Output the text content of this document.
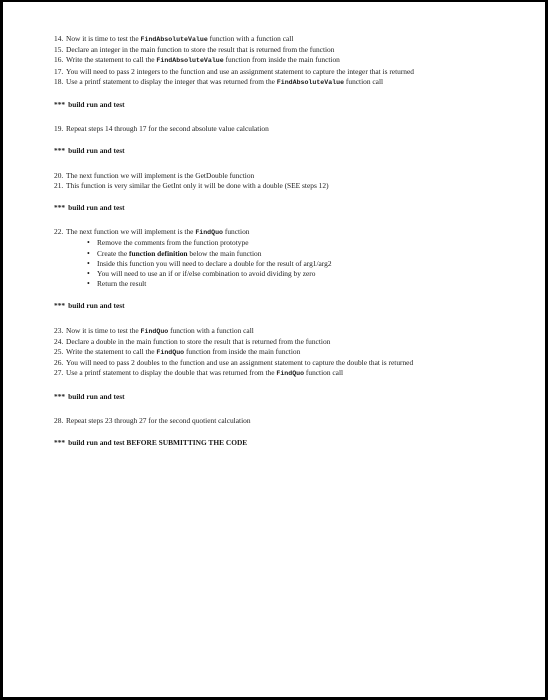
14. Now it is time to test the FindAbsoluteValue function with a function call
15. Declare an integer in the main function to store the result that is returned from the function
16. Write the statement to call the FindAbsoluteValue function from inside the main function
17. You will need to pass 2 integers to the function and use an assignment statement to capture the integer that is returned
18. Use a printf statement to display the integer that was returned from the FindAbsoluteValue function call
*** build run and test
19. Repeat steps 14 through 17 for the second absolute value calculation
*** build run and test
20. The next function we will implement is the GetDouble function
21. This function is very similar the GetInt only it will be done with a double (SEE steps 12)
*** build run and test
22. The next function we will implement is the FindQuo function
• Remove the comments from the function prototype
• Create the function definition below the main function
• Inside this function you will need to declare a double for the result of arg1/arg2
• You will need to use an if or if/else combination to avoid dividing by zero
• Return the result
*** build run and test
23. Now it is time to test the FindQuo function with a function call
24. Declare a double in the main function to store the result that is returned from the function
25. Write the statement to call the FindQuo function from inside the main function
26. You will need to pass 2 doubles to the function and use an assignment statement to capture the double that is returned
27. Use a printf statement to display the double that was returned from the FindQuo function call
*** build run and test
28. Repeat steps 23 through 27 for the second quotient calculation
*** build run and test BEFORE SUBMITTING THE CODE
